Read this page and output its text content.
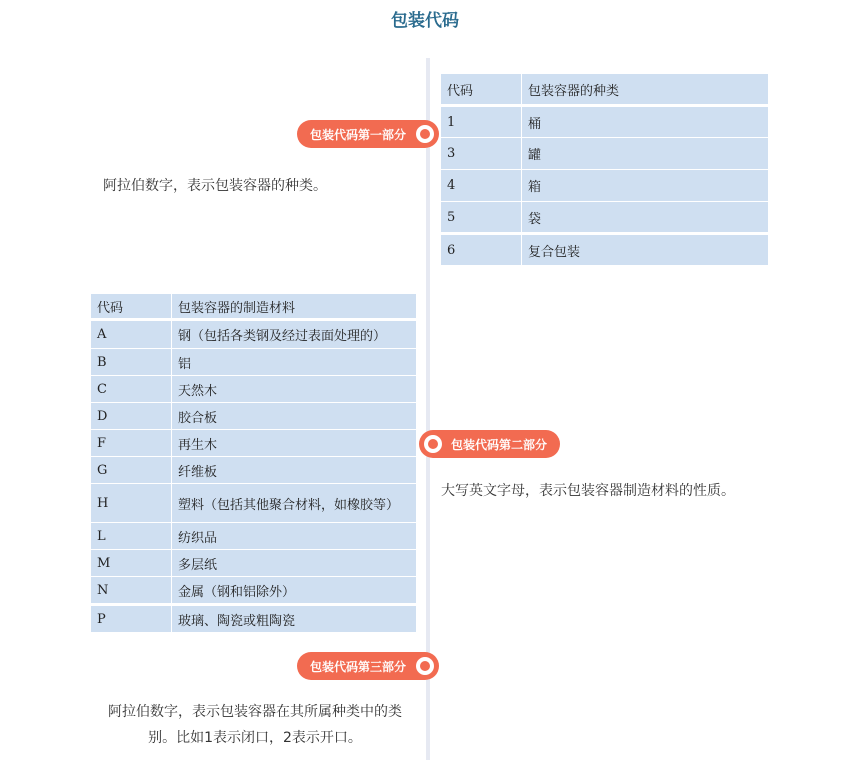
包装代码
包装代码第一部分
阿拉伯数字，表示包装容器的种类。
代码	包装容器的种类
1	桶
3	罐
4	箱
5	袋
6	复合包装
代码	包装容器的制造材料
A	钢（包括各类钢及经过表面处理的）
B	铝
C	天然木
D	胶合板
F	再生木
G	纤维板
H	塑料（包括其他聚合材料，如橡胶等）
L	纺织品
M	多层纸
N	金属（钢和铝除外）
P	玻璃、陶瓷或粗陶瓷
包装代码第二部分
大写英文字母，表示包装容器制造材料的性质。
包装代码第三部分
阿拉伯数字，表示包装容器在其所属种类中的类
别。比如1表示闭口，2表示开口。
